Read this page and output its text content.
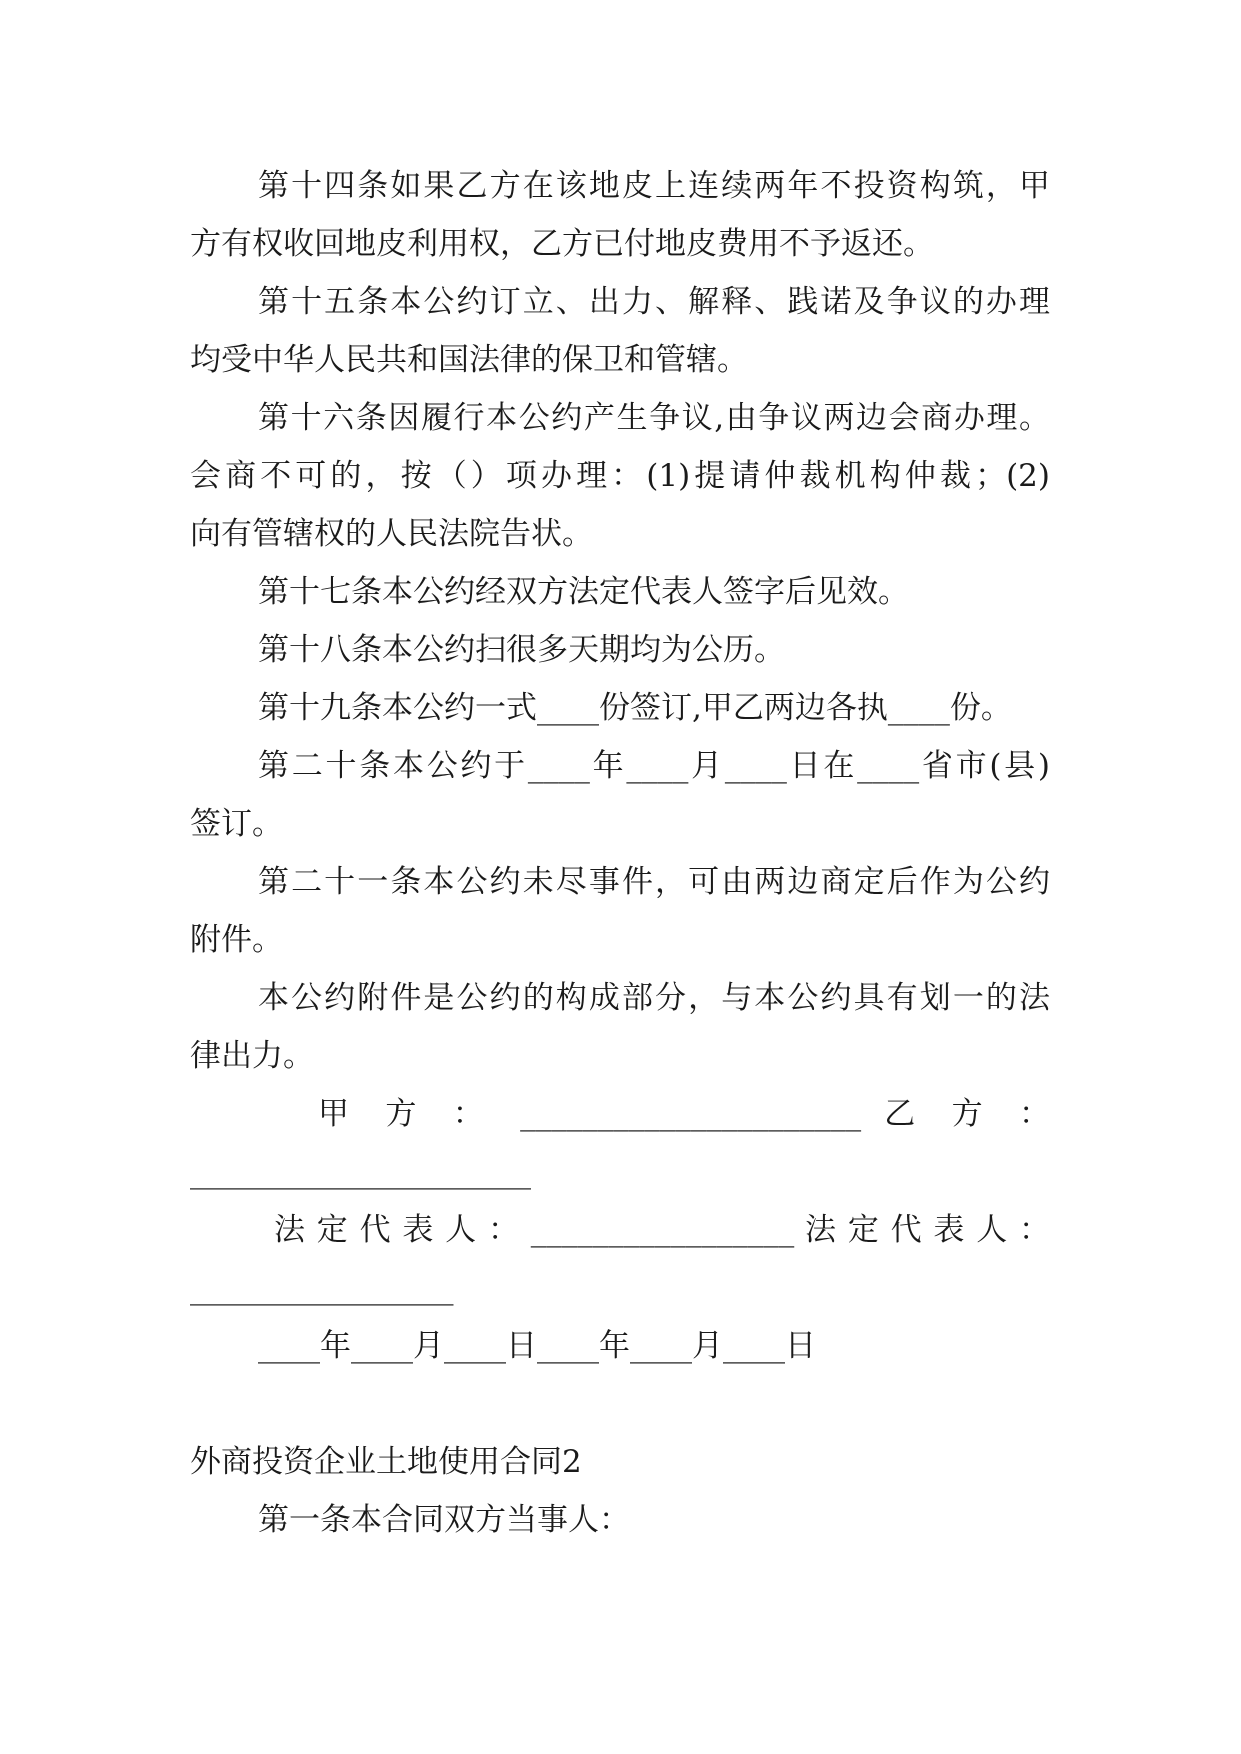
第十四条如果乙方在该地皮上连续两年不投资构筑，甲
方有权收回地皮利用权，乙方已付地皮费用不予返还。
第十五条本公约订立、出力、解释、践诺及争议的办理
均受中华人民共和国法律的保卫和管辖。
第十六条因履行本公约产生争议,由争议两边会商办理。
会商不可的，按（）项办理：(1)提请仲裁机构仲裁；(2)
向有管辖权的人民法院告状。
第十七条本公约经双方法定代表人签字后见效。
第十八条本公约扫很多天期均为公历。
第十九条本公约一式____份签订,甲乙两边各执____份。
第二十条本公约于____年____月____日在____省市(县)
签订。
第二十一条本公约未尽事件，可由两边商定后作为公约
附件。
本公约附件是公约的构成部分，与本公约具有划一的法
律出力。
甲 方 ： ______________________ 乙 方 ：
______________________
法 定 代 表 人 ： _________________ 法 定 代 表 人 ：
_________________
____年____月____日____年____月____日
外商投资企业土地使用合同2
第一条本合同双方当事人：
